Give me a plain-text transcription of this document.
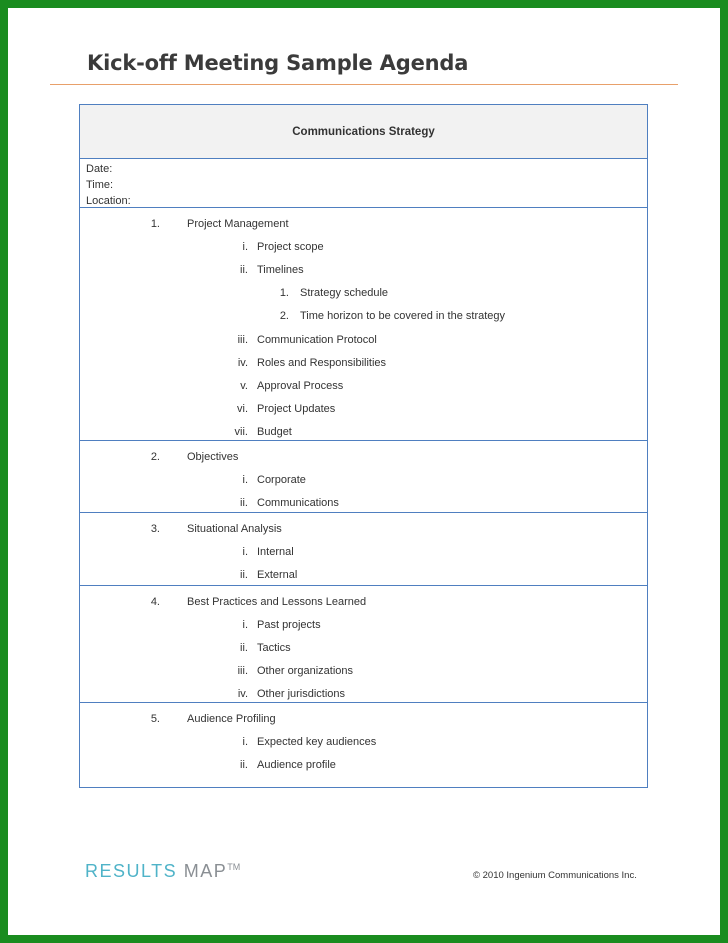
Kick-off Meeting Sample Agenda
Communications Strategy
Date:
Time:
Location:
1. Project Management
i. Project scope
ii. Timelines
1. Strategy schedule
2. Time horizon to be covered in the strategy
iii. Communication Protocol
iv. Roles and Responsibilities
v. Approval Process
vi. Project Updates
vii. Budget
2. Objectives
i. Corporate
ii. Communications
3. Situational Analysis
i. Internal
ii. External
4. Best Practices and Lessons Learned
i. Past projects
ii. Tactics
iii. Other organizations
iv. Other jurisdictions
5. Audience Profiling
i. Expected key audiences
ii. Audience profile
RESULTS MAP™
© 2010 Ingenium Communications Inc.
